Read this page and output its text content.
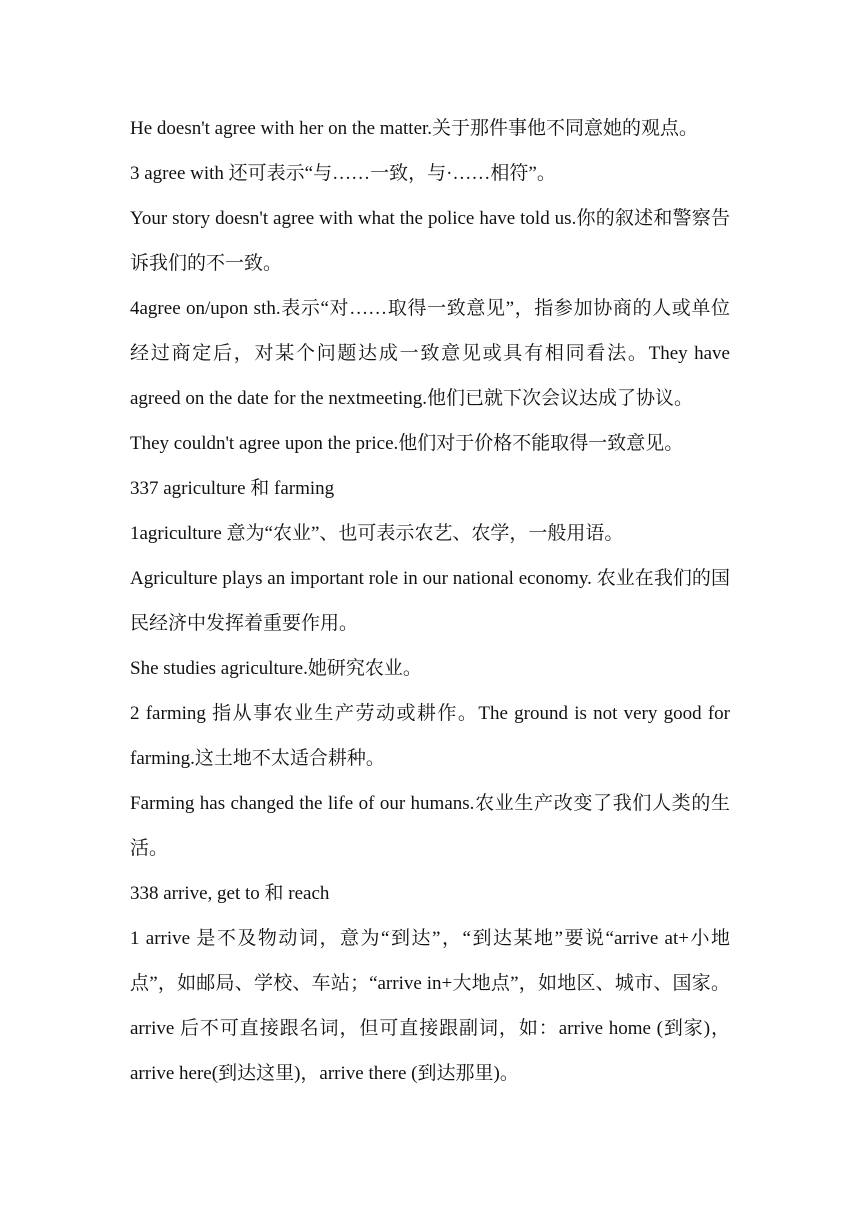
He doesn't agree with her on the matter.关于那件事他不同意她的观点。

3 agree with 还可表示“与……一致，与·……相符”。

Your story doesn't agree with what the police have told us.你的叙述和警察告诉我们的不一致。

4agree on/upon sth.表示“对……取得一致意见”，指参加协商的人或单位经过商定后，对某个问题达成一致意见或具有相同看法。They have agreed on the date for the nextmeeting.他们已就下次会议达成了协议。

They couldn't agree upon the price.他们对于价格不能取得一致意见。

337 agriculture 和 farming

1agriculture 意为“农业”、也可表示农艺、农学，一般用语。

Agriculture plays an important role in our national economy. 农业在我们的国民经济中发挥着重要作用。

She studies agriculture.她研究农业。

2 farming 指从事农业生产劳动或耕作。The ground is not very good for farming.这土地不太适合耕种。

Farming has changed the life of our humans.农业生产改变了我们人类的生活。

338 arrive, get to 和 reach

1 arrive 是不及物动词，意为“到达”，“到达某地”要说“arrive at+小地点”，如邮局、学校、车站；“arrive in+大地点”，如地区、城市、国家。arrive 后不可直接跟名词，但可直接跟副词，如：arrive home (到家)，arrive here(到达这里)，arrive there (到达那里)。
